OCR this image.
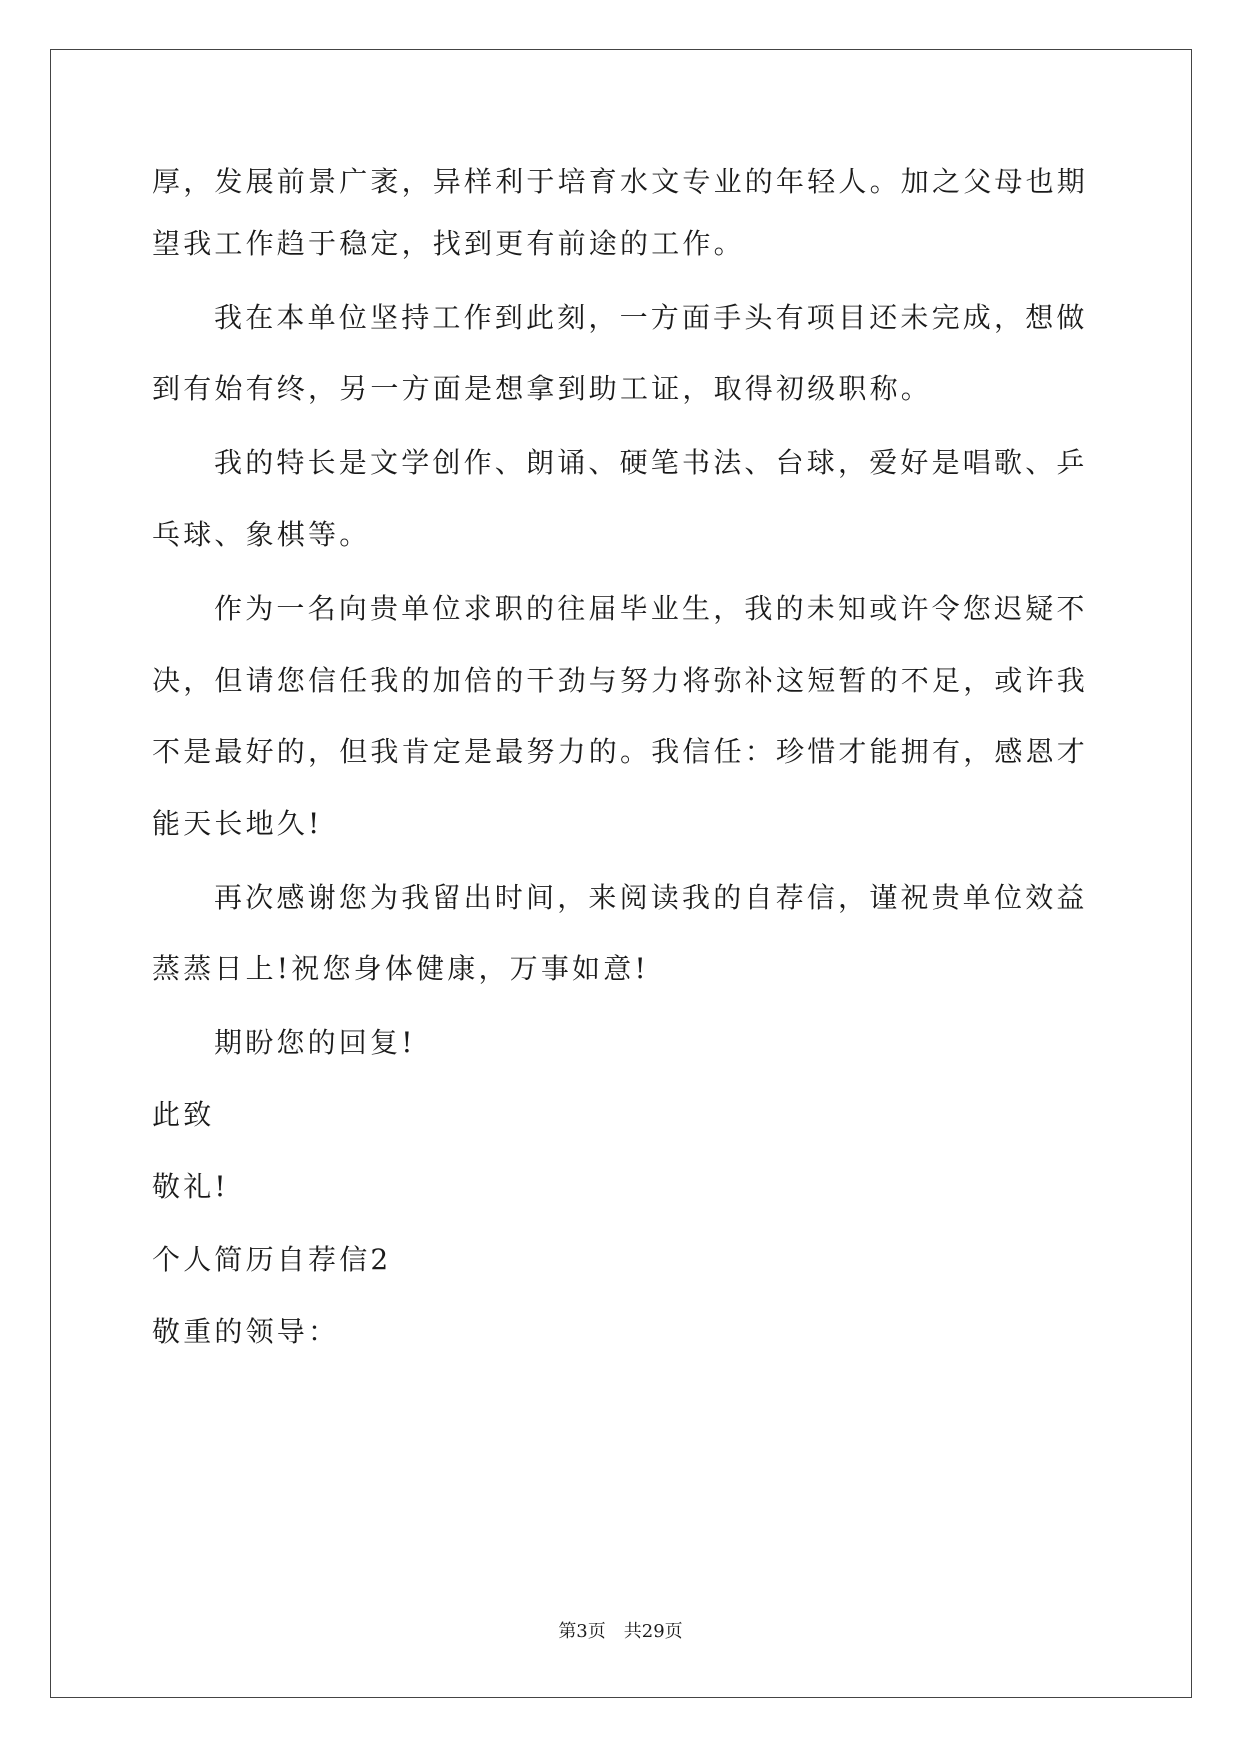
厚，发展前景广袤，异样利于培育水文专业的年轻人。加之父母也期
望我工作趋于稳定，找到更有前途的工作。
我在本单位坚持工作到此刻，一方面手头有项目还未完成，想做
到有始有终，另一方面是想拿到助工证，取得初级职称。
我的特长是文学创作、朗诵、硬笔书法、台球，爱好是唱歌、乒
乓球、象棋等。
作为一名向贵单位求职的往届毕业生，我的未知或许令您迟疑不
决，但请您信任我的加倍的干劲与努力将弥补这短暂的不足，或许我
不是最好的，但我肯定是最努力的。我信任：珍惜才能拥有，感恩才
能天长地久!
再次感谢您为我留出时间，来阅读我的自荐信，谨祝贵单位效益
蒸蒸日上!祝您身体健康，万事如意!
期盼您的回复!
此致
敬礼!
个人简历自荐信2
敬重的领导：
第3页　共29页
